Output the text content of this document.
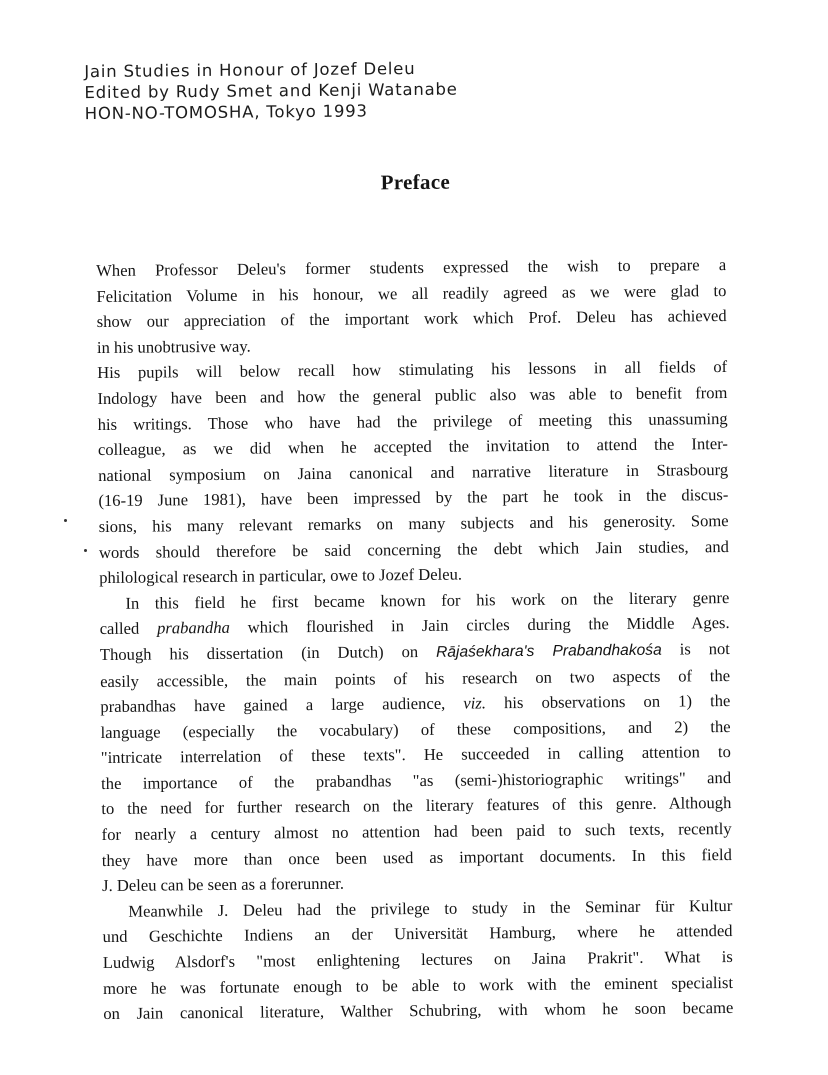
Jain Studies in Honour of Jozef Deleu
Edited by Rudy Smet and Kenji Watanabe
HON-NO-TOMOSHA, Tokyo 1993
Preface
When Professor Deleu's former students expressed the wish to prepare a
Felicitation Volume in his honour, we all readily agreed as we were glad to
show our appreciation of the important work which Prof. Deleu has achieved
in his unobtrusive way.
His pupils will below recall how stimulating his lessons in all fields of
Indology have been and how the general public also was able to benefit from
his writings. Those who have had the privilege of meeting this unassuming
colleague, as we did when he accepted the invitation to attend the Inter-
national symposium on Jaina canonical and narrative literature in Strasbourg
(16-19 June 1981), have been impressed by the part he took in the discus-
sions, his many relevant remarks on many subjects and his generosity. Some
words should therefore be said concerning the debt which Jain studies, and
philological research in particular, owe to Jozef Deleu.
In this field he first became known for his work on the literary genre
called prabandha which flourished in Jain circles during the Middle Ages.
Though his dissertation (in Dutch) on Rājaśekhara's Prabandhakośa is not
easily accessible, the main points of his research on two aspects of the
prabandhas have gained a large audience, viz. his observations on 1) the
language (especially the vocabulary) of these compositions, and 2) the
"intricate interrelation of these texts". He succeeded in calling attention to
the importance of the prabandhas "as (semi-)historiographic writings" and
to the need for further research on the literary features of this genre. Although
for nearly a century almost no attention had been paid to such texts, recently
they have more than once been used as important documents. In this field
J. Deleu can be seen as a forerunner.
Meanwhile J. Deleu had the privilege to study in the Seminar für Kultur
und Geschichte Indiens an der Universität Hamburg, where he attended
Ludwig Alsdorf's "most enlightening lectures on Jaina Prakrit". What is
more he was fortunate enough to be able to work with the eminent specialist
on Jain canonical literature, Walther Schubring, with whom he soon became
